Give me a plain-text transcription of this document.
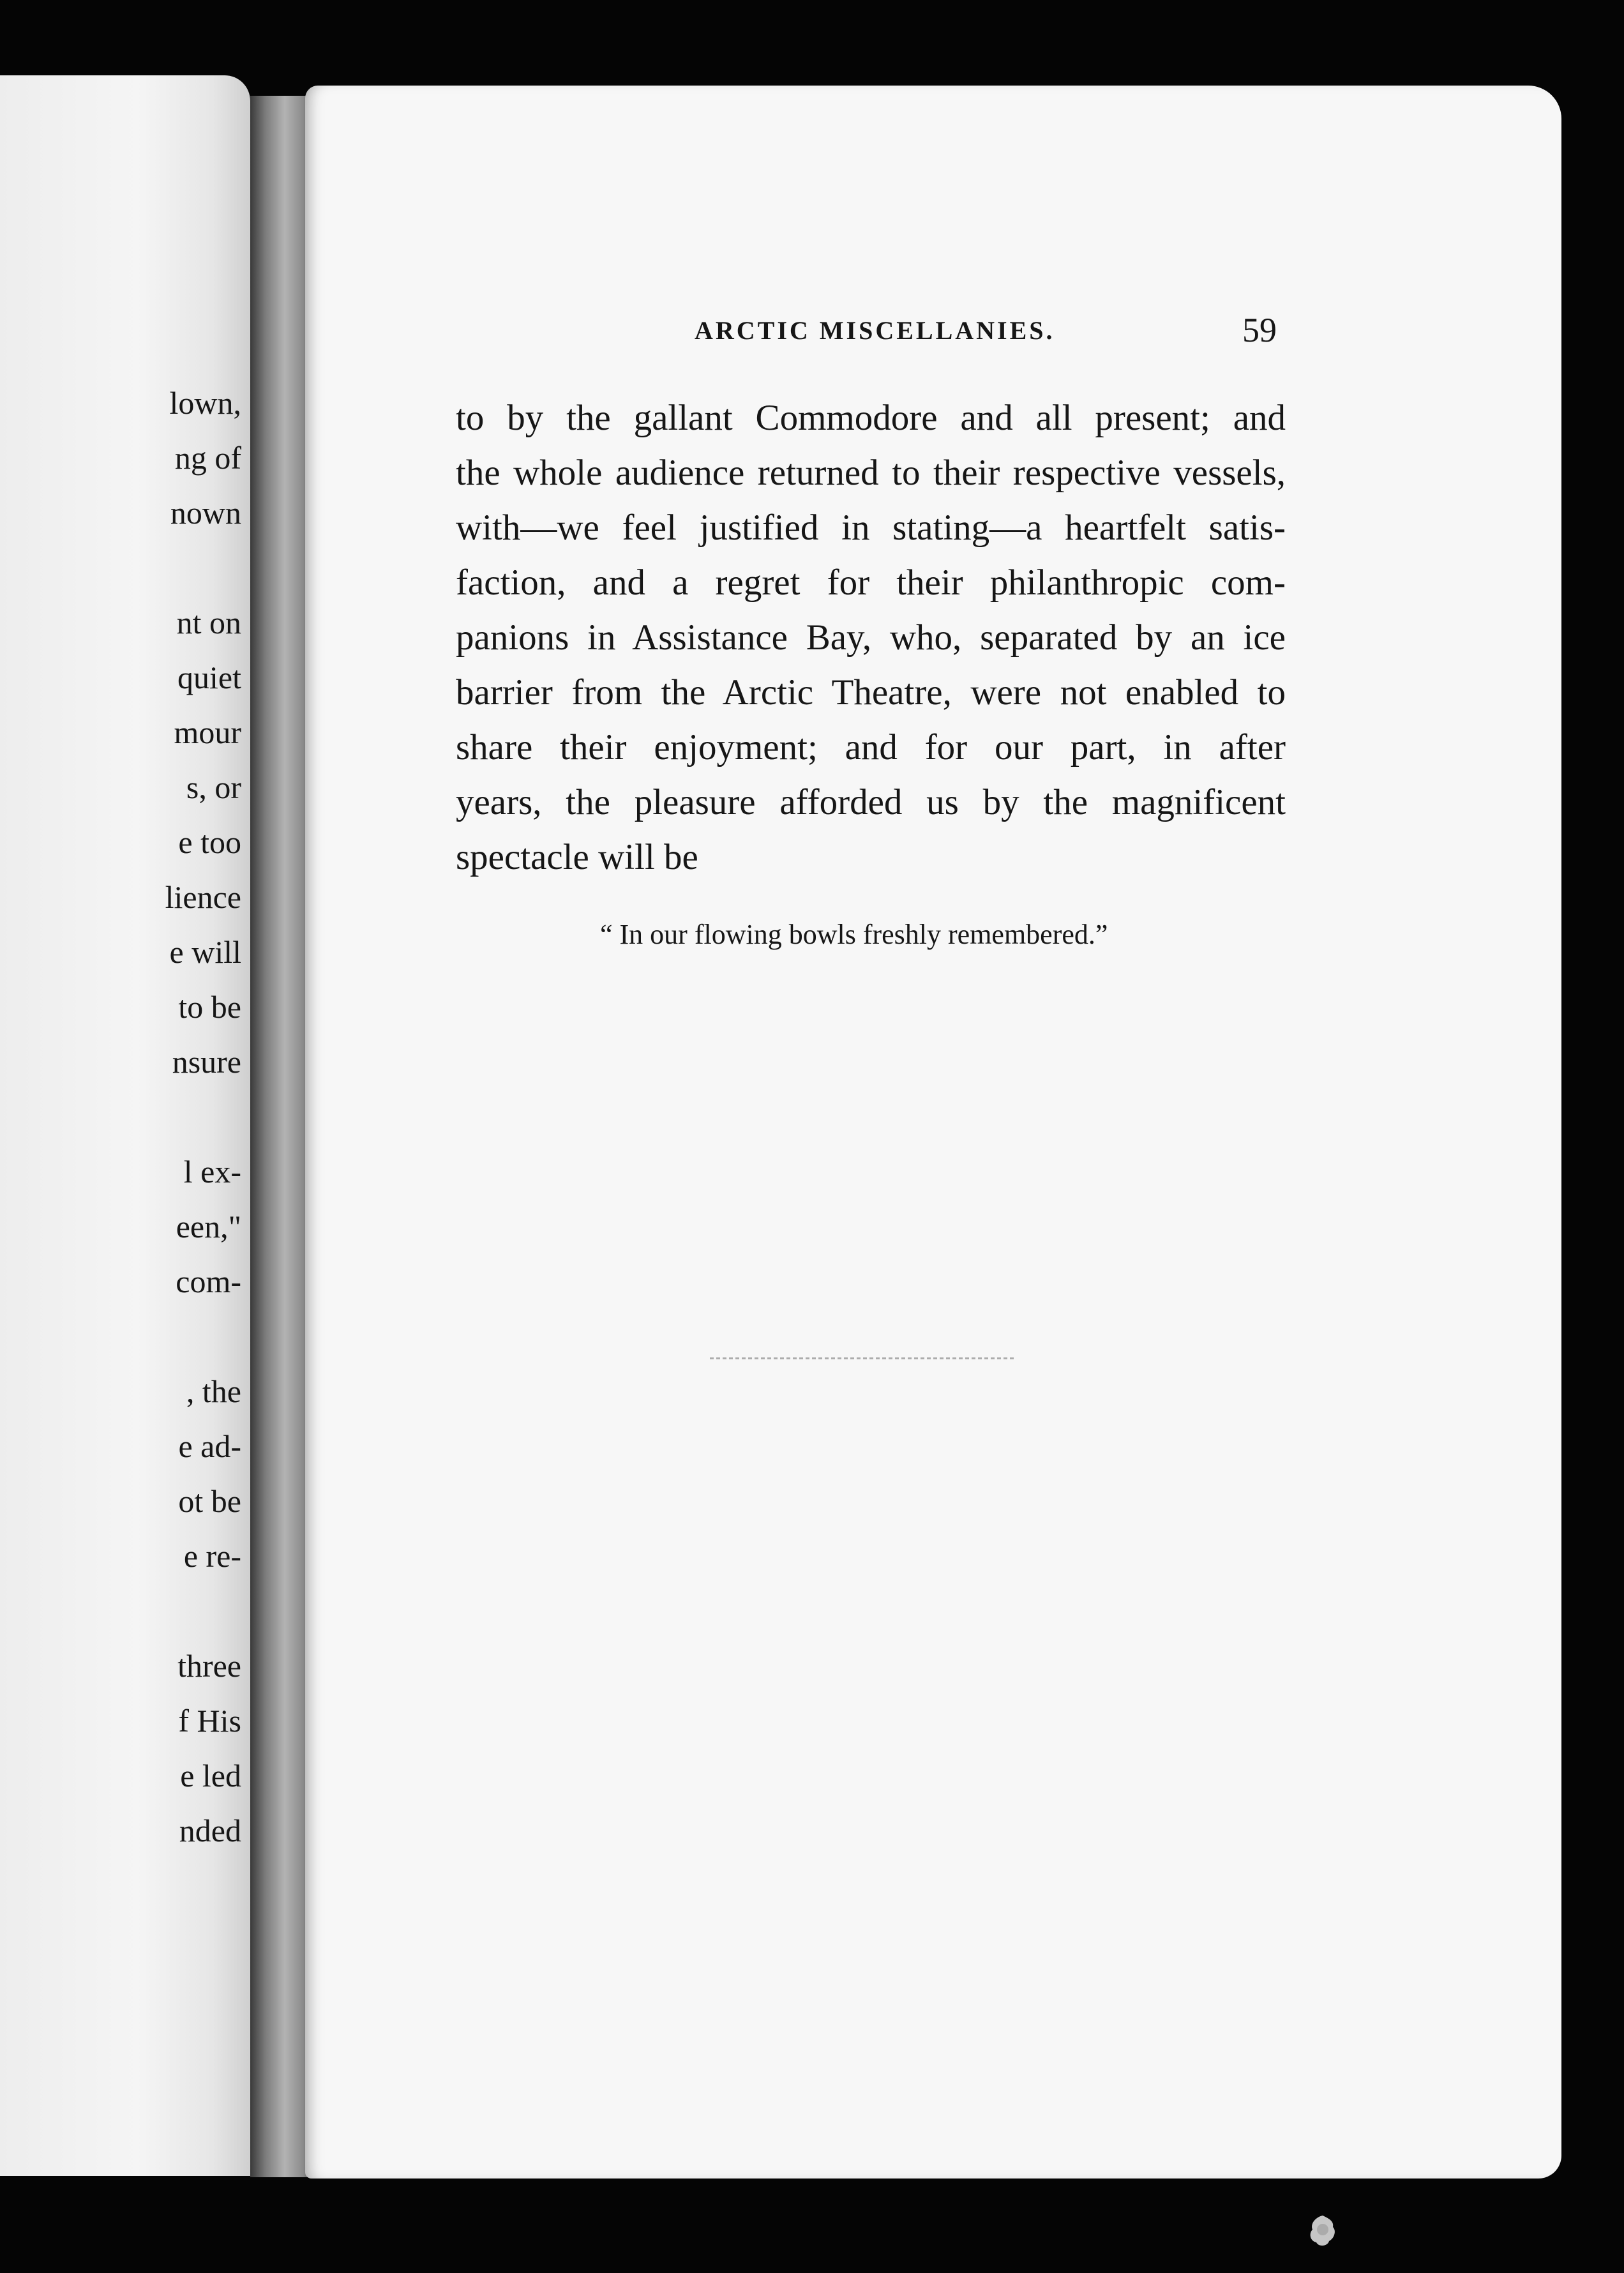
lown,
ng of
nown
nt on
quiet
mour
s, or
e too
lience
e will
to be
nsure
l ex-
een,"
com-
, the
e ad-
ot be
e re-
three
f His
e led
nded
ARCTIC MISCELLANIES.	59
to by the gallant Commodore and all present; and
the whole audience returned to their respective vessels,
with—we feel justified in stating—a heartfelt satis-
faction, and a regret for their philanthropic com-
panions in Assistance Bay, who, separated by an ice
barrier from the Arctic Theatre, were not enabled to
share their enjoyment; and for our part, in after
years, the pleasure afforded us by the magnificent
spectacle will be
“ In our flowing bowls freshly remembered.”
